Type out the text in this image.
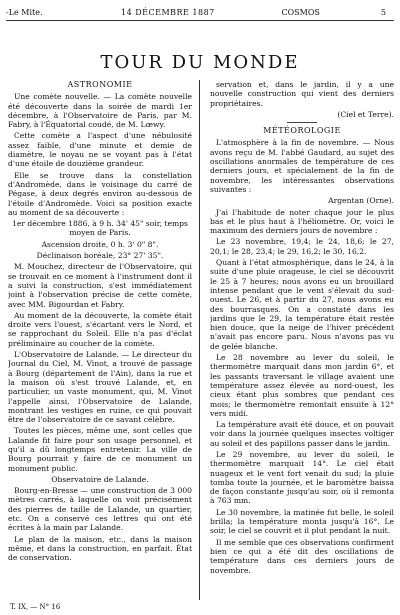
-Le Mite.	14 DÉCEMBRE 1887	COSMOS	5
TOUR DU MONDE
ASTRONOMIE

Une comète nouvelle. — La comète nouvelle été découverte dans la soirée de mardi 1er décembre, à l'Observatoire de Paris, par M. Fabry, à l'Équatorial coudé, de M. Lœwy.

Cette comète a l'aspect d'une nébulosité assez faible, d'une minute et demie de diamètre, le noyau ne se voyant pas à l'état d'une étoile de douzième grandeur.

Elle se trouve dans la constellation d'Andromède, dans le voisinage du carré de Pégase, à deux degrés environ au-dessous de l'étoile d'Andromède. Voici sa position exacte au moment de sa découverte :

1er décembre 1886, à 9 h. 34' 45" soir, temps moyen de Paris.

Ascension droite, 0 h. 3' 0" 8".

Déclinaison boréale, 23° 27' 35".

M. Mouchez, directeur de l'Observatoire, qui se trouvait en ce moment à l'instrument dont il a suivi la construction, s'est immédiatement joint à l'observation précise de cette comète, avec MM. Bigourdan et Fabry.

Au moment de la découverte, la comète était droite vers l'ouest, s'écartant vers le Nord, et se rapprochant du Soleil. Elle n'a pas d'éclat préliminaire au coucher de la comète.

L'Observatoire de Lalande. — Le directeur du Journal du Ciel, M. Vinot, a trouvé de passage à Bourg (département de l'Ain), dans la rue et la maison où s'est trouvé Lalande, et, en particulier, un vaste monument, qui, M. Vinot l'appelle ainsi, l'Observatoire de Lalande, montrant les vestiges en ruine, ce qui pouvait être de l'observatoire de ce savant célèbre.

Toutes les pièces, même une, sont celles que Lalande fit faire pour son usage personnel, et qu'il a dû longtemps entretenir. La ville de Bourg pourrait y faire de ce monument un monument public.

Observatoire de Lalande.

Bourg-en-Bresse — une construction de 3 000 mètres carrés, à laquelle on voit précisément des pierres de taille de Lalande, un quartier, etc. On a conservé ces lettres qui ont été écrites à la main par Lalande.

Le plan de la maison, etc., dans la maison même, et dans la construction, en parfait. État de conservation.

servation et, dans le jardin, il y a une nouvelle construction qui vient des derniers propriétaires.

(Ciel et Terre).

MÉTÉOROLOGIE

L'atmosphère à la fin de novembre. — Nous avons reçu de M. l'abbé Gaudard, au sujet des oscillations anormales de température de ces derniers jours, et spécialement de la fin de novembre, les intéressantes observations suivantes :

Argentan (Orne).

J'ai l'habitude de noter chaque jour le plus bas et le plus haut à l'héliomètre. Or, voici le maximum des derniers jours de novembre :

Le 23 novembre, 19,4; le 24, 18,6; le 27, 20,1; le 28, 23,4; le 29, 16,2; le 30, 16,2.

Quant à l'état atmosphérique, dans le 24, à la suite d'une pluie orageuse, le ciel se découvrit le 25 à 7 heures; nous avons eu un brouillard intense pendant que le vent s'élevait du sud-ouest. Le 26, et à partir du 27, nous avons eu des bourrasques. On a constaté dans les jardins que le 29, la température était restée bien douce, que la neige de l'hiver précédent n'avait pas encore paru. Nous n'avons pas vu de gelée blanche.

Le 28 novembre au lever du soleil, le thermomètre marquait dans mon jardin 6°, et les passants traversant le village avaient une température assez élevée au nord-ouest, les cieux étant plus sombres que pendant ces mois; le thermomètre remontait ensuite à 12° vers midi.

La température avait été douce, et on pouvait voir dans la journée quelques insectes voltiger au soleil et des papillons passer dans le jardin.

Le 29 novembre, au lever du soleil, le thermomètre marquait 14°. Le ciel était nuageux et le vent fort venait du sud; la pluie tomba toute la journée, et le baromètre baissa de façon constante jusqu'au soir, où il remonta à 763 mm.

Le 30 novembre, la matinée fut belle, le soleil brilla; la température monta jusqu'à 16°. Le soir, le ciel se couvrit et il plut pendant la nuit.

Il me semble que ces observations confirment bien ce qui a été dit des oscillations de température dans ces derniers jours de novembre.

T. IX, — N° 16
